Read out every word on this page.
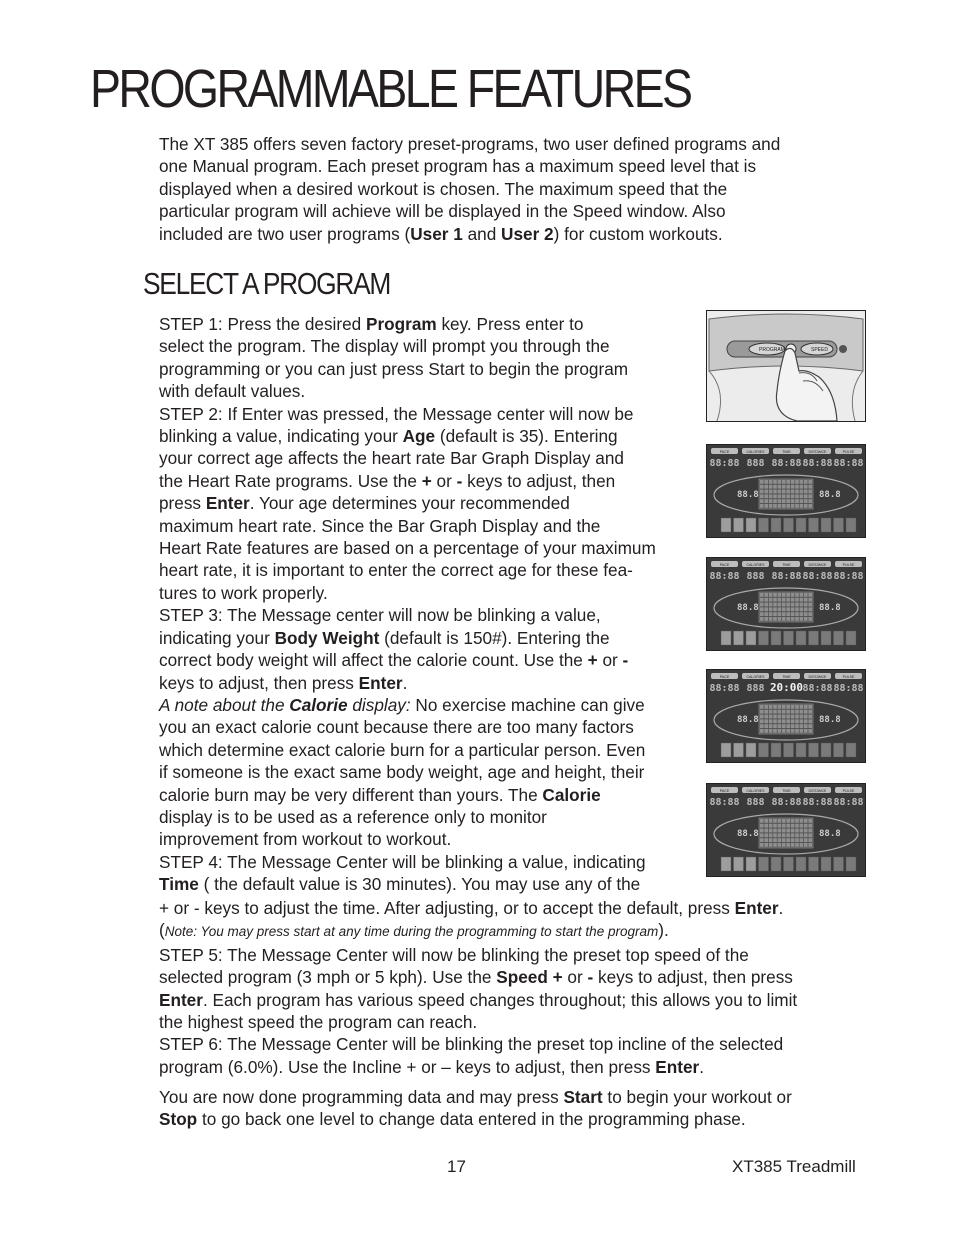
PROGRAMMABLE FEATURES
The XT 385 offers seven factory preset-programs, two user defined programs and
one Manual program. Each preset program has a maximum speed level that is
displayed when a desired workout is chosen. The maximum speed that the
particular program will achieve will be displayed in the Speed window. Also
included are two user programs (User 1 and User 2) for custom workouts.
SELECT A PROGRAM
STEP 1: Press the desired Program key. Press enter to
select the program. The display will prompt you through the
programming or you can just press Start to begin the program
with default values.
STEP 2: If Enter was pressed, the Message center will now be
blinking a value, indicating your Age (default is 35). Entering
your correct age affects the heart rate Bar Graph Display and
the Heart Rate programs. Use the + or - keys to adjust, then
press Enter. Your age determines your recommended
maximum heart rate. Since the Bar Graph Display and the
Heart Rate features are based on a percentage of your maximum
heart rate, it is important to enter the correct age for these fea-
tures to work properly.
STEP 3: The Message center will now be blinking a value,
indicating your Body Weight (default is 150#). Entering the
correct body weight will affect the calorie count. Use the + or -
keys to adjust, then press Enter.
A note about the Calorie display: No exercise machine can give
you an exact calorie count because there are too many factors
which determine exact calorie burn for a particular person. Even
if someone is the exact same body weight, age and height, their
calorie burn may be very different than yours. The Calorie
display is to be used as a reference only to monitor
improvement from workout to workout.
STEP 4: The Message Center will be blinking a value, indicating
Time ( the default value is 30 minutes). You may use any of the
+ or - keys to adjust the time. After adjusting, or to accept the default, press Enter.
(Note: You may press start at any time during the programming to start the program).
STEP 5: The Message Center will now be blinking the preset top speed of the
selected program (3 mph or 5 kph). Use the Speed + or - keys to adjust, then press
Enter. Each program has various speed changes throughout; this allows you to limit
the highest speed the program can reach.
STEP 6: The Message Center will be blinking the preset top incline of the selected
program (6.0%). Use the Incline + or – keys to adjust, then press Enter.
You are now done programming data and may press Start to begin your workout or
Stop to go back one level to change data entered in the programming phase.
PROGRAM	SPEED
PACE
88:88
CALORIES
888
TIME
88:88
DISTANCE
88:88
PULSE
88:88
88.8	88.8
PACE
88:88
CALORIES
888
TIME
88:88
DISTANCE
88:88
PULSE
88:88
88.8	88.8
PACE
88:88
CALORIES
888
TIME
20:00
DISTANCE
88:88
PULSE
88:88
88.8	88.8
PACE
88:88
CALORIES
888
TIME
88:88
DISTANCE
88:88
PULSE
88:88
88.8	88.8
17	XT385 Treadmill
